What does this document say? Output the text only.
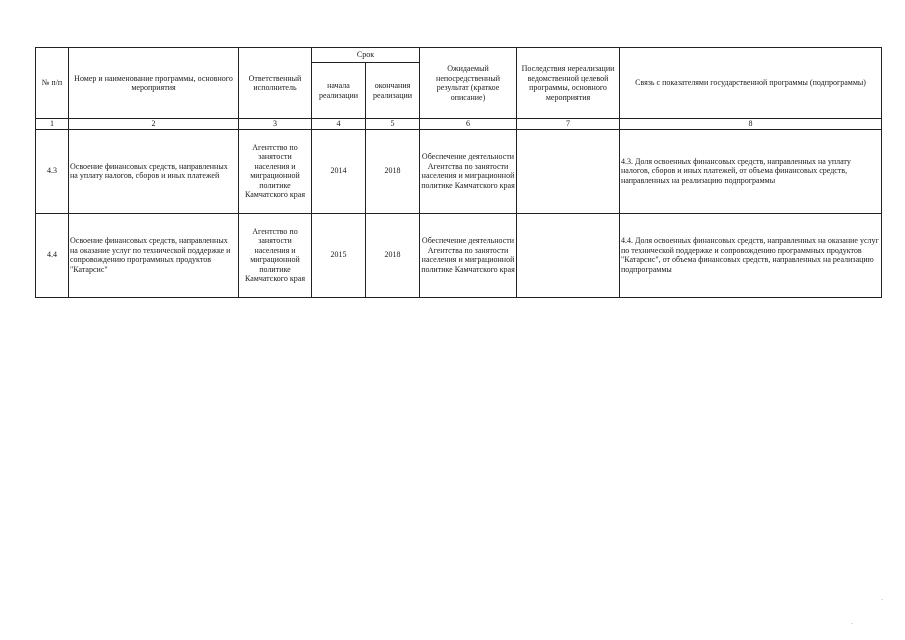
№ п/п	Номер и наименование программы, основного мероприятия	Ответственный исполнитель	Срок		Ожидаемый непосредственный результат (краткое описание)	Последствия нереализации ведомственной целевой программы, основного мероприятия	Связь с показателями государственной программы (подпрограммы)
			начала реализации	окончания реализации			
1	2	3	4	5	6	7	8
4.3	Освоение финансовых средств, направленных на уплату налогов, сборов и иных платежей	Агентство по занятости населения и миграционной политике Камчатского края	2014	2018	Обеспечение деятельности Агентства по занятости населения и миграционной политике Камчатского края		4.3. Доля освоенных финансовых средств, направленных на уплату налогов, сборов и иных платежей, от объема финансовых средств, направленных на реализацию подпрограммы
4.4	Освоение финансовых средств, направленных на оказание услуг по технической поддержке и сопровождению программных продуктов "Катарсис"	Агентство по занятости населения и миграционной политике Камчатского края	2015	2018	Обеспечение деятельности Агентства по занятости населения и миграционной политике Камчатского края		4.4. Доля освоенных финансовых средств, направленных на оказание услуг по технической поддержке и сопровождению программных продуктов "Катарсис", от объема финансовых средств, направленных на реализацию подпрограммы
·
·
